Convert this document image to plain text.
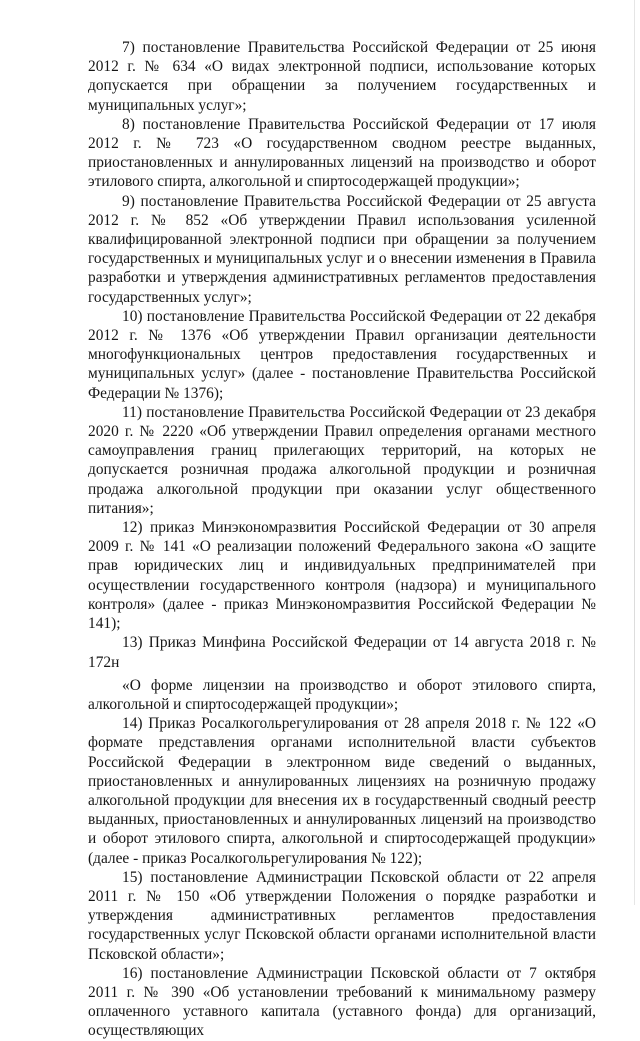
7) постановление Правительства Российской Федерации от 25 июня 2012 г. № 634 «О видах электронной подписи, использование которых допускается при обращении за получением государственных и муниципальных услуг»;

8) постановление Правительства Российской Федерации от 17 июля 2012 г. № 723 «О государственном сводном реестре выданных, приостановленных и аннулированных лицензий на производство и оборот этилового спирта, алкогольной и спиртосодержащей продукции»;

9) постановление Правительства Российской Федерации от 25 августа 2012 г. № 852 «Об утверждении Правил использования усиленной квалифицированной электронной подписи при обращении за получением государственных и муниципальных услуг и о внесении изменения в Правила разработки и утверждения административных регламентов предоставления государственных услуг»;

10) постановление Правительства Российской Федерации от 22 декабря 2012 г. № 1376 «Об утверждении Правил организации деятельности многофункциональных центров предоставления государственных и муниципальных услуг» (далее - постановление Правительства Российской Федерации № 1376);

11) постановление Правительства Российской Федерации от 23 декабря 2020 г. № 2220 «Об утверждении Правил определения органами местного самоуправления границ прилегающих территорий, на которых не допускается розничная продажа алкогольной продукции и розничная продажа алкогольной продукции при оказании услуг общественного питания»;

12) приказ Минэкономразвития Российской Федерации от 30 апреля 2009 г. № 141 «О реализации положений Федерального закона «О защите прав юридических лиц и индивидуальных предпринимателей при осуществлении государственного контроля (надзора) и муниципального контроля» (далее - приказ Минэкономразвития Российской Федерации № 141);

13) Приказ Минфина Российской Федерации от 14 августа 2018 г. № 172н

«О форме лицензии на производство и оборот этилового спирта, алкогольной и спиртосодержащей продукции»;

14) Приказ Росалкогольрегулирования от 28 апреля 2018 г. № 122 «О формате представления органами исполнительной власти субъектов Российской Федерации в электронном виде сведений о выданных, приостановленных и аннулированных лицензиях на розничную продажу алкогольной продукции для внесения их в государственный сводный реестр выданных, приостановленных и аннулированных лицензий на производство и оборот этилового спирта, алкогольной и спиртосодержащей продукции» (далее - приказ Росалкогольрегулирования № 122);

15) постановление Администрации Псковской области от 22 апреля 2011 г. № 150 «Об утверждении Положения о порядке разработки и утверждения административных регламентов предоставления государственных услуг Псковской области органами исполнительной власти Псковской области»;

16) постановление Администрации Псковской области от 7 октября 2011 г. № 390 «Об установлении требований к минимальному размеру оплаченного уставного капитала (уставного фонда) для организаций, осуществляющих
